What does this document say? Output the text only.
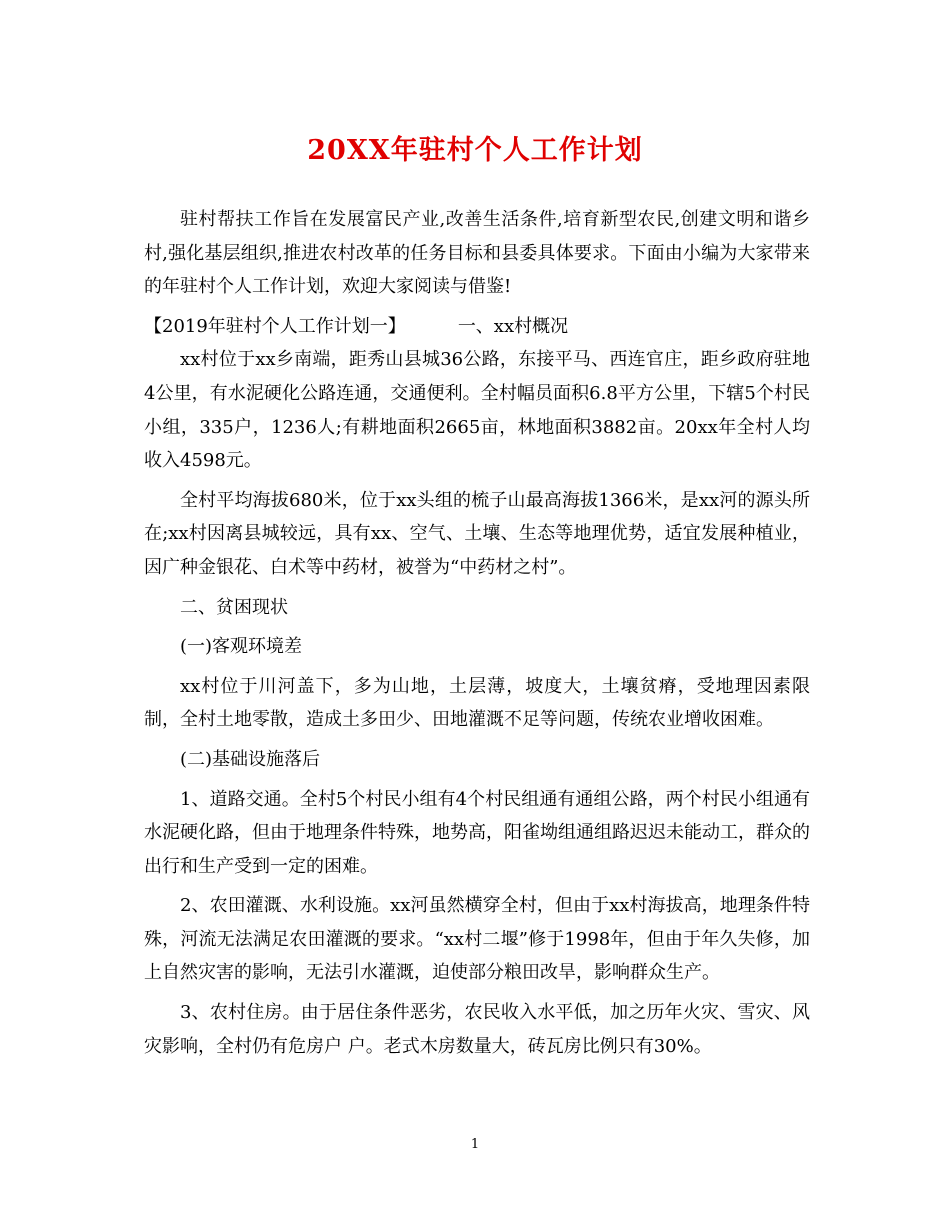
20XX年驻村个人工作计划

驻村帮扶工作旨在发展富民产业,改善生活条件,培育新型农民,创建文明和谐乡村,强化基层组织,推进农村改革的任务目标和县委具体要求。下面由小编为大家带来的年驻村个人工作计划，欢迎大家阅读与借鉴!

【2019年驻村个人工作计划一】	一、xx村概况

xx村位于xx乡南端，距秀山县城36公路，东接平马、西连官庄，距乡政府驻地4公里，有水泥硬化公路连通，交通便利。全村幅员面积6.8平方公里，下辖5个村民小组，335户，1236人;有耕地面积2665亩，林地面积3882亩。20xx年全村人均收入4598元。

全村平均海拔680米，位于xx头组的梳子山最高海拔1366米，是xx河的源头所在;xx村因离县城较远，具有xx、空气、土壤、生态等地理优势，适宜发展种植业，因广种金银花、白术等中药材，被誉为“中药材之村”。

二、贫困现状

(一)客观环境差

xx村位于川河盖下，多为山地，土层薄，坡度大，土壤贫瘠，受地理因素限制，全村土地零散，造成土多田少、田地灌溉不足等问题，传统农业增收困难。

(二)基础设施落后

1、道路交通。全村5个村民小组有4个村民组通有通组公路，两个村民小组通有水泥硬化路，但由于地理条件特殊，地势高，阳雀坳组通组路迟迟未能动工，群众的出行和生产受到一定的困难。

2、农田灌溉、水利设施。xx河虽然横穿全村，但由于xx村海拔高，地理条件特殊，河流无法满足农田灌溉的要求。“xx村二堰”修于1998年，但由于年久失修，加上自然灾害的影响，无法引水灌溉，迫使部分粮田改旱，影响群众生产。

3、农村住房。由于居住条件恶劣，农民收入水平低，加之历年火灾、雪灾、风灾影响，全村仍有危房户 户。老式木房数量大，砖瓦房比例只有30%。

1
